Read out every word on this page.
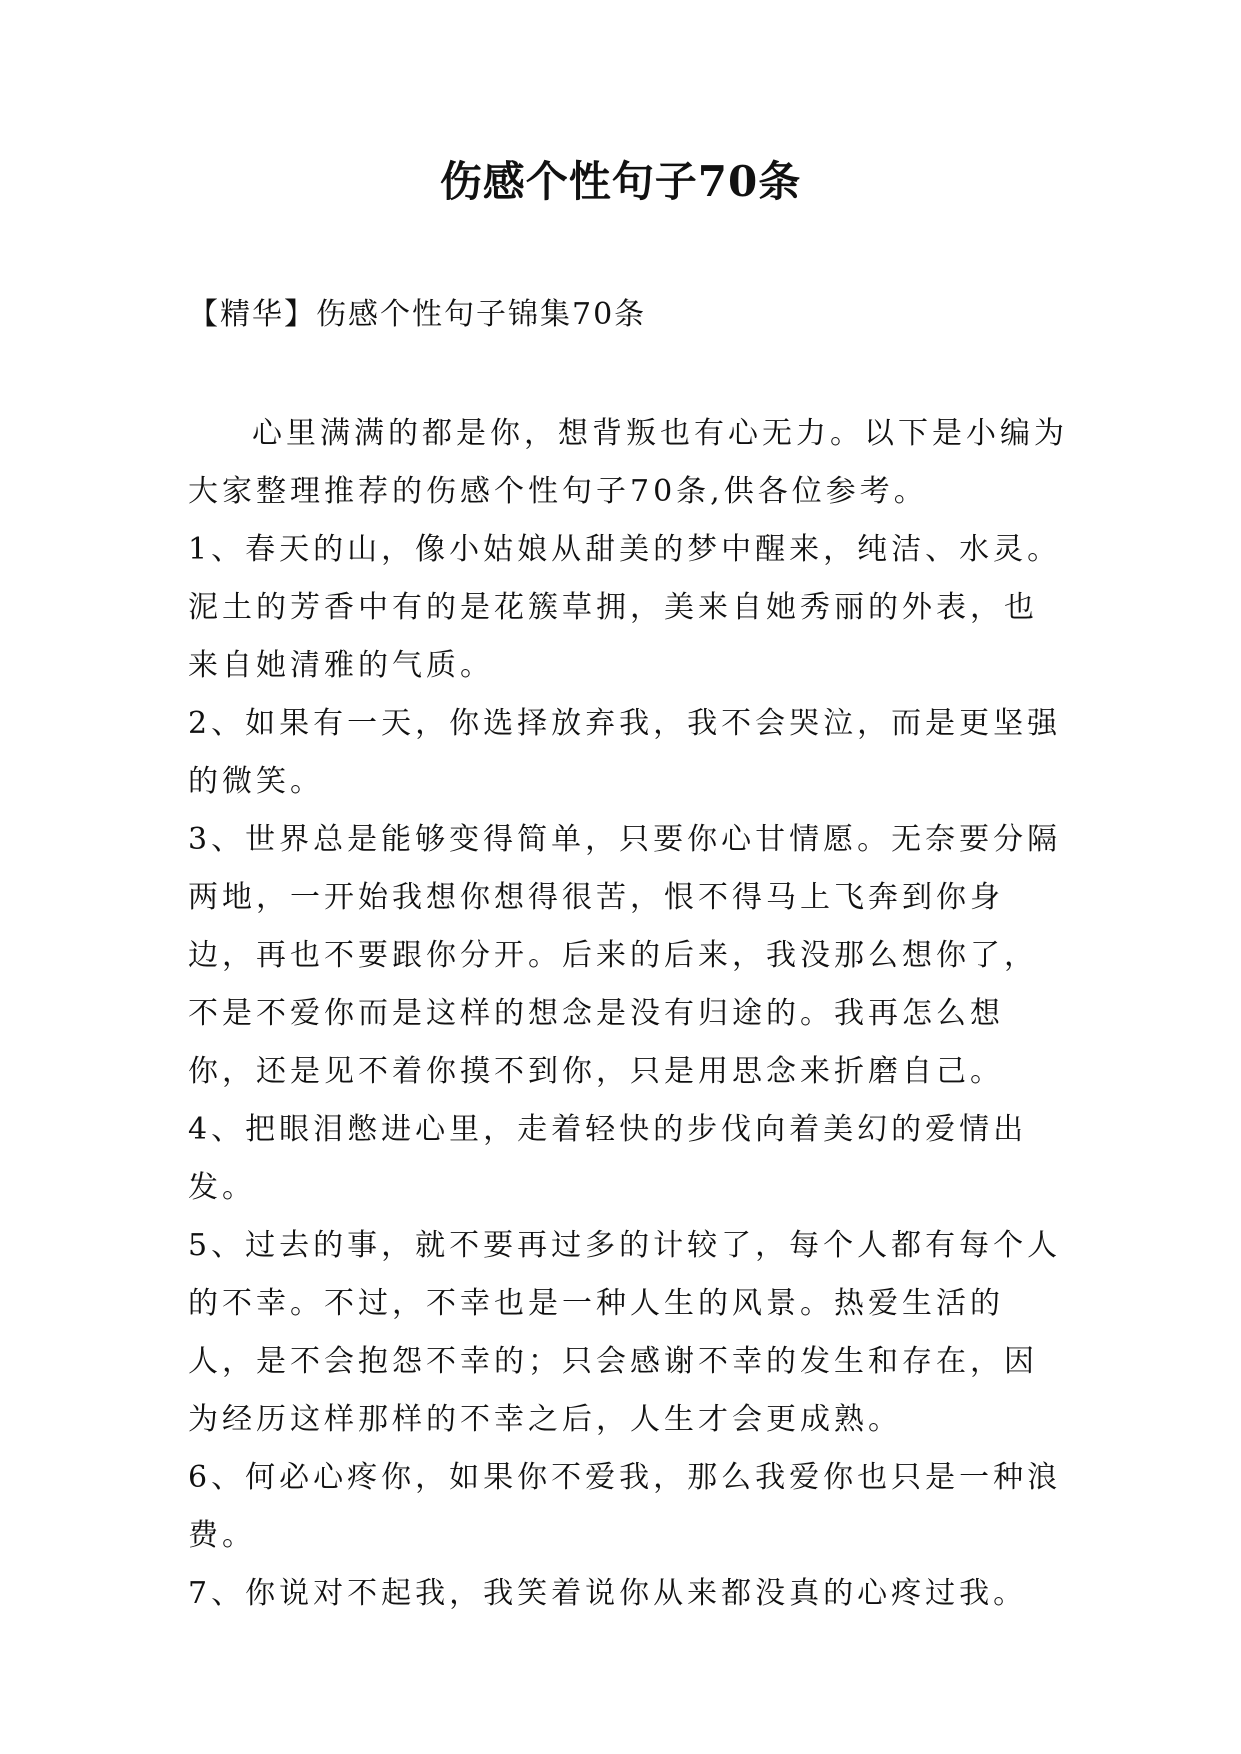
伤感个性句子70条
【精华】伤感个性句子锦集70条

心里满满的都是你，想背叛也有心无力。以下是小编为大家整理推荐的伤感个性句子70条,供各位参考。

1、春天的山，像小姑娘从甜美的梦中醒来，纯洁、水灵。泥土的芳香中有的是花簇草拥，美来自她秀丽的外表，也来自她清雅的气质。

2、如果有一天，你选择放弃我，我不会哭泣，而是更坚强的微笑。

3、世界总是能够变得简单，只要你心甘情愿。无奈要分隔两地，一开始我想你想得很苦，恨不得马上飞奔到你身边，再也不要跟你分开。后来的后来，我没那么想你了，不是不爱你而是这样的想念是没有归途的。我再怎么想你，还是见不着你摸不到你，只是用思念来折磨自己。

4、把眼泪憋进心里，走着轻快的步伐向着美幻的爱情出发。

5、过去的事，就不要再过多的计较了，每个人都有每个人的不幸。不过，不幸也是一种人生的风景。热爱生活的人，是不会抱怨不幸的；只会感谢不幸的发生和存在，因为经历这样那样的不幸之后，人生才会更成熟。

6、何必心疼你，如果你不爱我，那么我爱你也只是一种浪费。

7、你说对不起我，我笑着说你从来都没真的心疼过我。
